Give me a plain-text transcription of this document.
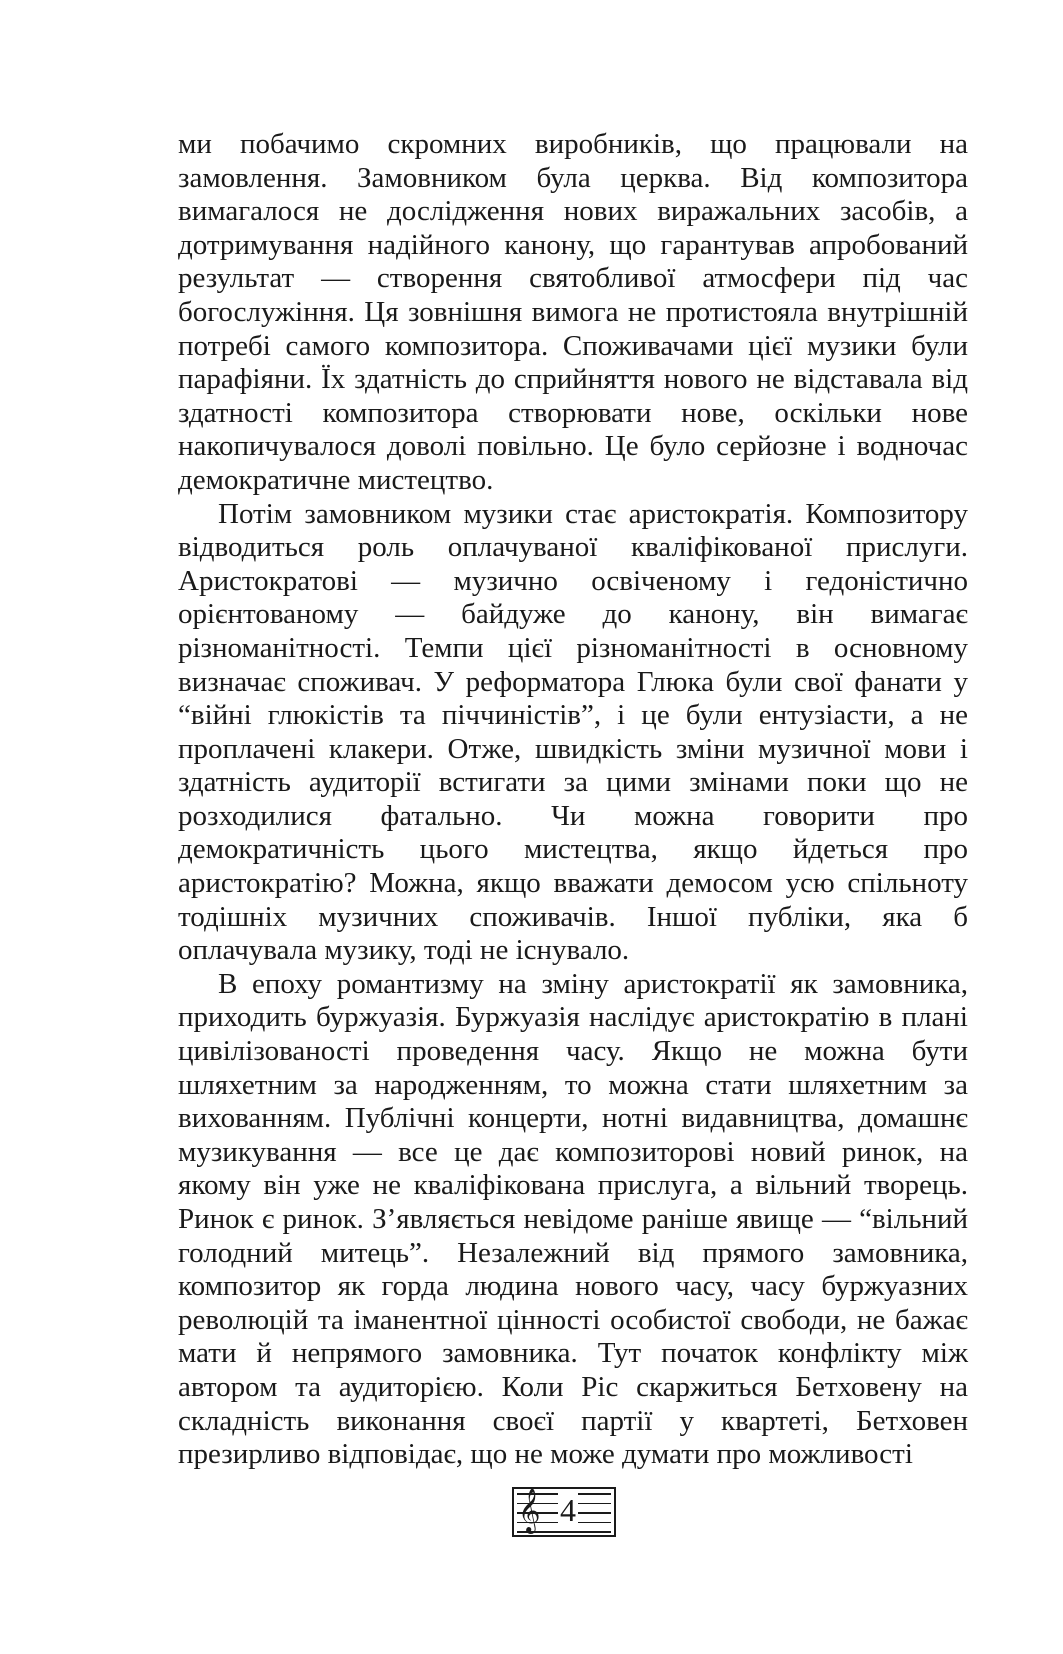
ми побачимо скромних виробників, що працювали на замовлення. Замовником була церква. Від композитора вимагалося не дослідження нових виражальних засобів, а дотримування надійного канону, що гарантував апробований результат — створення святобливої атмосфери під час богослужіння. Ця зовнішня вимога не протистояла внутрішній потребі самого композитора. Споживачами цієї музики були парафіяни. Їх здатність до сприйняття нового не відставала від здатності композитора створювати нове, оскільки нове накопичувалося доволі повільно. Це було серйозне і водночас демократичне мистецтво.

Потім замовником музики стає аристократія. Композитору відводиться роль оплачуваної кваліфікованої прислуги. Аристократові — музично освіченому і гедоністично орієнтованому — байдуже до канону, він вимагає різноманітності. Темпи цієї різноманітності в основному визначає споживач. У реформатора Глюка були свої фанати у “війні глюкістів та піччиністів”, і це були ентузіасти, а не проплачені клакери. Отже, швидкість зміни музичної мови і здатність аудиторії встигати за цими змінами поки що не розходилися фатально. Чи можна говорити про демократичність цього мистецтва, якщо йдеться про аристократію? Можна, якщо вважати демосом усю спільноту тодішніх музичних споживачів. Іншої публіки, яка б оплачувала музику, тоді не існувало.

В епоху романтизму на зміну аристократії як замовника, приходить буржуазія. Буржуазія наслідує аристократію в плані цивілізованості проведення часу. Якщо не можна бути шляхетним за народженням, то можна стати шляхетним за вихованням. Публічні концерти, нотні видавництва, домашнє музикування — все це дає композиторові новий ринок, на якому він уже не кваліфікована прислуга, а вільний творець. Ринок є ринок. З’являється невідоме раніше явище — “вільний голодний митець”. Незалежний від прямого замовника, композитор як горда людина нового часу, часу буржуазних революцій та іманентної цінності особистої свободи, не бажає мати й непрямого замовника. Тут початок конфлікту між автором та аудиторією. Коли Ріс скаржиться Бетховену на складність виконання своєї партії у квартеті, Бетховен презирливо відповідає, що не може думати про можливості

𝄞 4
